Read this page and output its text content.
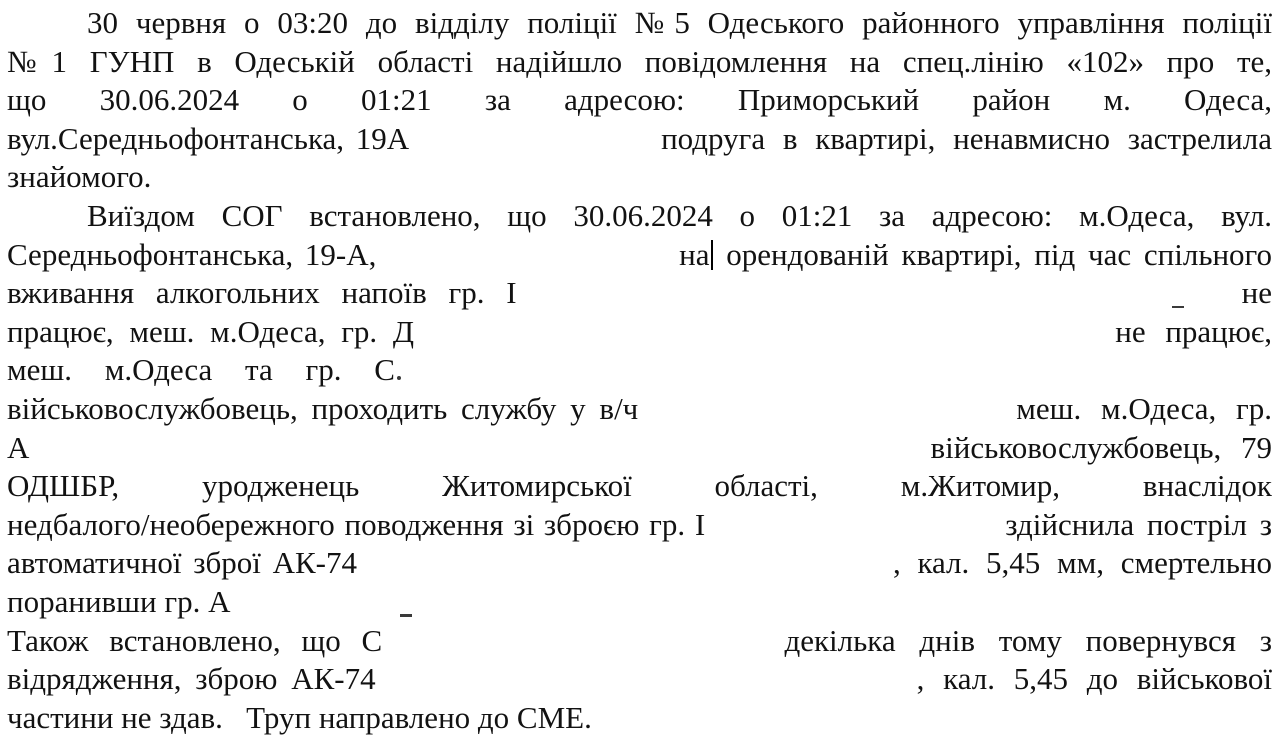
30 червня о 03:20 до відділу поліції №5 Одеського районного управління поліції
№1 ГУНП в Одеській області надійшло повідомлення на спец.лінію «102» про те,
що 30.06.2024 о 01:21 за адресою: Приморський район м. Одеса,
вул.Середньофонтанська, 19А	подруга в квартирі, ненавмисно застрелила
знайомого.
Виїздом СОГ встановлено, що 30.06.2024 о 01:21 за адресою: м.Одеса, вул.
Середньофонтанська, 19-А,	на орендованій квартирі, під час спільного
вживання алкогольних напоїв гр. І	не
працює, меш. м.Одеса, гр. Д	не працює,
меш. м.Одеса та гр. С
військовослужбовець, проходить службу у в/ч	меш. м.Одеса, гр.
А	військовослужбовець, 79
ОДШБР, уродженець Житомирської області, м.Житомир, внаслідок
недбалого/необережного поводження зі зброєю гр. І	здійснила постріл з
автоматичної зброї АК-74	, кал. 5,45 мм, смертельно
поранивши гр. А
Також встановлено, що С	декілька днів тому повернувся з
відрядження, зброю АК-74	, кал. 5,45 до військової
частини не здав.   Труп направлено до СМЕ.
